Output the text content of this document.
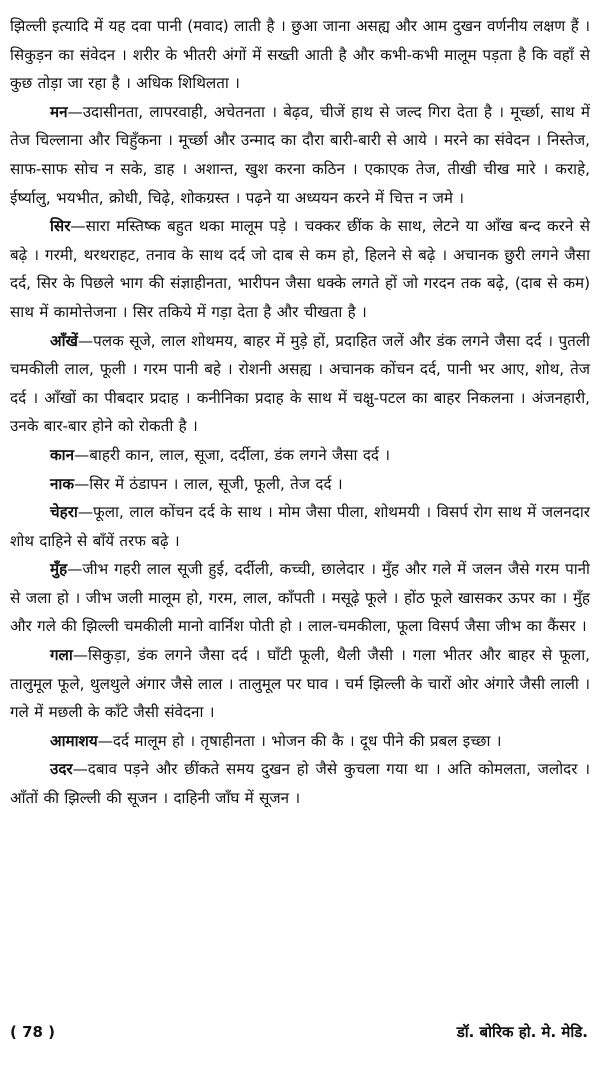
झिल्ली इत्यादि में यह दवा पानी (मवाद) लाती है । छुआ जाना असह्य और आम दुखन वर्णनीय लक्षण हैं । सिकुड़न का संवेदन । शरीर के भीतरी अंगों में सख्ती आती है और कभी-कभी मालूम पड़ता है कि वहाँ से कुछ तोड़ा जा रहा है । अधिक शिथिलता ।

मन—उदासीनता, लापरवाही, अचेतनता । बेढ़व, चीजें हाथ से जल्द गिरा देता है । मूर्च्छा, साथ में तेज चिल्लाना और चिहुँकना । मूर्च्छा और उन्माद का दौरा बारी-बारी से आये । मरने का संवेदन । निस्तेज, साफ-साफ सोच न सके, डाह । अशान्त, खुश करना कठिन । एकाएक तेज, तीखी चीख मारे । कराहे, ईर्ष्यालु, भयभीत, क्रोधी, चिढ़े, शोकग्रस्त । पढ़ने या अध्ययन करने में चित्त न जमे ।

सिर—सारा मस्तिष्क बहुत थका मालूम पड़े । चक्कर छींक के साथ, लेटने या आँख बन्द करने से बढ़े । गरमी, थरथराहट, तनाव के साथ दर्द जो दाब से कम हो, हिलने से बढ़े । अचानक छुरी लगने जैसा दर्द, सिर के पिछले भाग की संज्ञाहीनता, भारीपन जैसा धक्के लगते हों जो गरदन तक बढ़े, (दाब से कम) साथ में कामोत्तेजना । सिर तकिये में गड़ा देता है और चीखता है ।

आँखें—पलक सूजे, लाल शोथमय, बाहर में मुड़े हों, प्रदाहित जलें और डंक लगने जैसा दर्द । पुतली चमकीली लाल, फूली । गरम पानी बहे । रोशनी असह्य । अचानक कोंचन दर्द, पानी भर आए, शोथ, तेज दर्द । आँखों का पीबदार प्रदाह । कनीनिका प्रदाह के साथ में चक्षु-पटल का बाहर निकलना । अंजनहारी, उनके बार-बार होने को रोकती है ।

कान—बाहरी कान, लाल, सूजा, दर्दीला, डंक लगने जैसा दर्द ।

नाक—सिर में ठंडापन । लाल, सूजी, फूली, तेज दर्द ।

चेहरा—फूला, लाल कोंचन दर्द के साथ । मोम जैसा पीला, शोथमयी । विसर्प रोग साथ में जलनदार शोथ दाहिने से बाँयें तरफ बढ़े ।

मुँह—जीभ गहरी लाल सूजी हुई, दर्दीली, कच्ची, छालेदार । मुँह और गले में जलन जैसे गरम पानी से जला हो । जीभ जली मालूम हो, गरम, लाल, काँपती । मसूढ़े फूले । होंठ फूले खासकर ऊपर का । मुँह और गले की झिल्ली चमकीली मानो वार्निश पोती हो । लाल-चमकीला, फूला विसर्प जैसा जीभ का कैंसर ।

गला—सिकुड़ा, डंक लगने जैसा दर्द । घाँटी फूली, थैली जैसी । गला भीतर और बाहर से फूला, तालुमूल फूले, थुलथुले अंगार जैसे लाल । तालुमूल पर घाव । चर्म झिल्ली के चारों ओर अंगारे जैसी लाली । गले में मछली के काँटे जैसी संवेदना ।

आमाशय—दर्द मालूम हो । तृषाहीनता । भोजन की कै । दूध पीने की प्रबल इच्छा ।

उदर—दबाव पड़ने और छींकते समय दुखन हो जैसे कुचला गया था । अति कोमलता, जलोदर । आँतों की झिल्ली की सूजन । दाहिनी जाँघ में सूजन ।

( 78 )	डॉ. बोरिक हो. मे. मेडि.
